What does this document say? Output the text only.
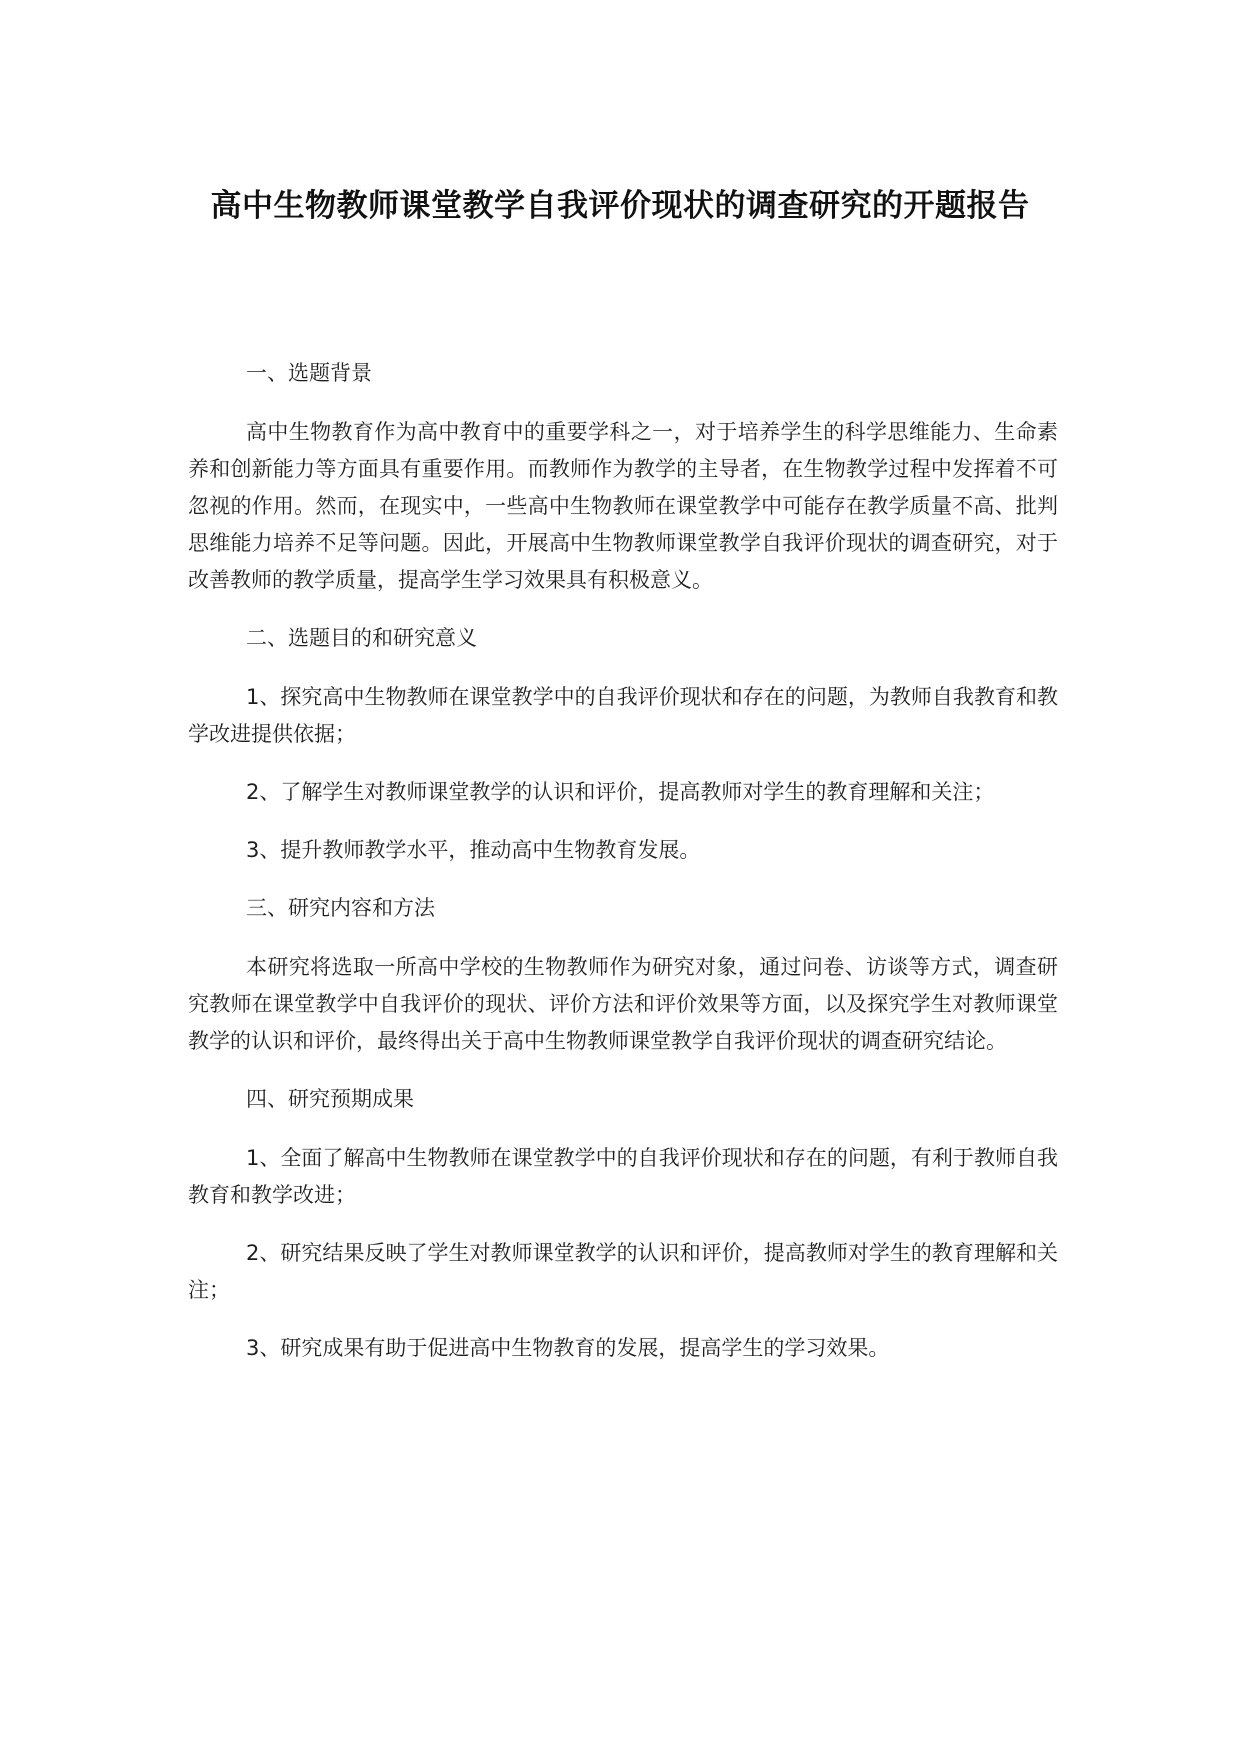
高中生物教师课堂教学自我评价现状的调查研究的开题报告

一、选题背景

高中生物教育作为高中教育中的重要学科之一，对于培养学生的科学思维能力、生命素养和创新能力等方面具有重要作用。而教师作为教学的主导者，在生物教学过程中发挥着不可忽视的作用。然而，在现实中，一些高中生物教师在课堂教学中可能存在教学质量不高、批判思维能力培养不足等问题。因此，开展高中生物教师课堂教学自我评价现状的调查研究，对于改善教师的教学质量，提高学生学习效果具有积极意义。

二、选题目的和研究意义

1、探究高中生物教师在课堂教学中的自我评价现状和存在的问题，为教师自我教育和教学改进提供依据；

2、了解学生对教师课堂教学的认识和评价，提高教师对学生的教育理解和关注；

3、提升教师教学水平，推动高中生物教育发展。

三、研究内容和方法

本研究将选取一所高中学校的生物教师作为研究对象，通过问卷、访谈等方式，调查研究教师在课堂教学中自我评价的现状、评价方法和评价效果等方面，以及探究学生对教师课堂教学的认识和评价，最终得出关于高中生物教师课堂教学自我评价现状的调查研究结论。

四、研究预期成果

1、全面了解高中生物教师在课堂教学中的自我评价现状和存在的问题，有利于教师自我教育和教学改进；

2、研究结果反映了学生对教师课堂教学的认识和评价，提高教师对学生的教育理解和关注；

3、研究成果有助于促进高中生物教育的发展，提高学生的学习效果。
